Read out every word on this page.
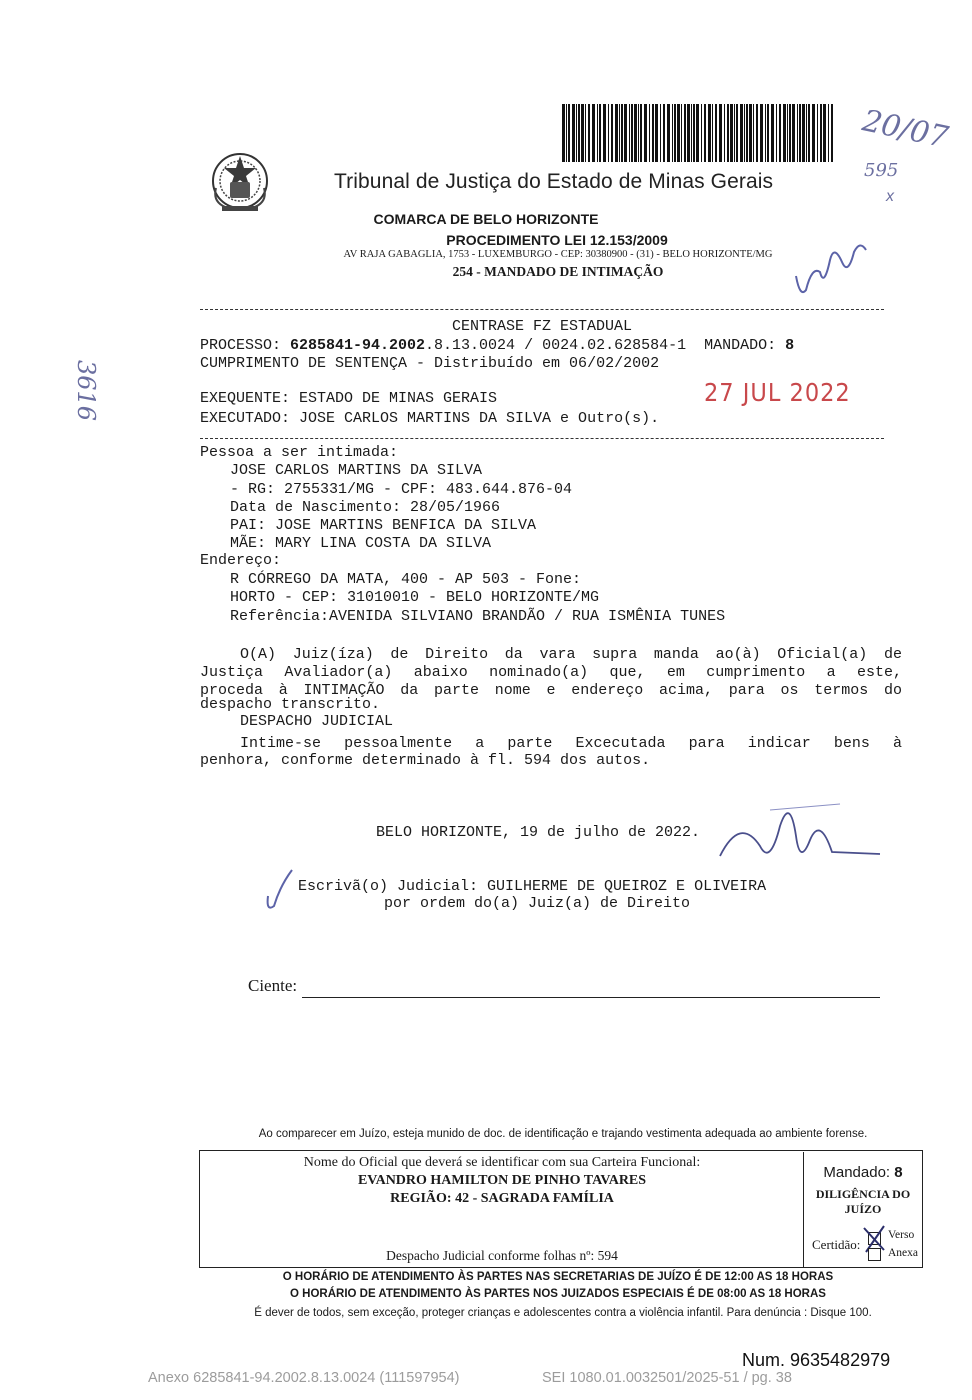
Tribunal de Justiça do Estado de Minas Gerais
COMARCA DE BELO HORIZONTE
PROCEDIMENTO LEI 12.153/2009
AV RAJA GABAGLIA, 1753 - LUXEMBURGO - CEP: 30380900 - (31) - BELO HORIZONTE/MG
254 - MANDADO DE INTIMAÇÃO
20/07
595
x
3616
CENTRASE FZ ESTADUAL
PROCESSO: 6285841-94.2002.8.13.0024 / 0024.02.628584-1  MANDADO: 8
CUMPRIMENTO DE SENTENÇA - Distribuído em 06/02/2002
EXEQUENTE: ESTADO DE MINAS GERAIS
EXECUTADO: JOSE CARLOS MARTINS DA SILVA e Outro(s).
27 JUL 2022
Pessoa a ser intimada:
JOSE CARLOS MARTINS DA SILVA
- RG: 2755331/MG - CPF: 483.644.876-04
Data de Nascimento: 28/05/1966
PAI: JOSE MARTINS BENFICA DA SILVA
MÃE: MARY LINA COSTA DA SILVA
Endereço:
R CÓRREGO DA MATA, 400 - AP 503 - Fone:
HORTO - CEP: 31010010 - BELO HORIZONTE/MG
Referência:AVENIDA SILVIANO BRANDÃO / RUA ISMÊNIA TUNES
O(A) Juiz(íza) de Direito da vara supra manda ao(à) Oficial(a) de
Justiça Avaliador(a) abaixo nominado(a) que, em cumprimento a este,
proceda à INTIMAÇÃO da parte nome e endereço acima, para os termos do
despacho transcrito.
DESPACHO JUDICIAL
Intime-se pessoalmente a parte Excecutada para indicar bens à
penhora, conforme determinado à fl. 594 dos autos.
BELO HORIZONTE, 19 de julho de 2022.
Escrivã(o) Judicial: GUILHERME DE QUEIROZ E OLIVEIRA
por ordem do(a) Juiz(a) de Direito
Ciente:
Ao comparecer em Juízo, esteja munido de doc. de identificação e trajando vestimenta adequada ao ambiente forense.
Nome do Oficial que deverá se identificar com sua Carteira Funcional:
EVANDRO HAMILTON DE PINHO TAVARES
REGIÃO: 42 - SAGRADA FAMÍLIA
Despacho Judicial conforme folhas nº: 594
Mandado: 8
DILIGÊNCIA DO
JUÍZO
Certidão:
Verso
Anexa
O HORÁRIO DE ATENDIMENTO ÀS PARTES NAS SECRETARIAS DE JUÍZO É DE 12:00 AS 18 HORAS
O HORÁRIO DE ATENDIMENTO ÀS PARTES NOS JUIZADOS ESPECIAIS É DE 08:00 AS 18 HORAS
É dever de todos, sem exceção, proteger crianças e adolescentes contra a violência infantil. Para denúncia : Disque 100.
Num. 9635482979
Anexo 6285841-94.2002.8.13.0024 (111597954)	SEI 1080.01.0032501/2025-51 / pg. 38
